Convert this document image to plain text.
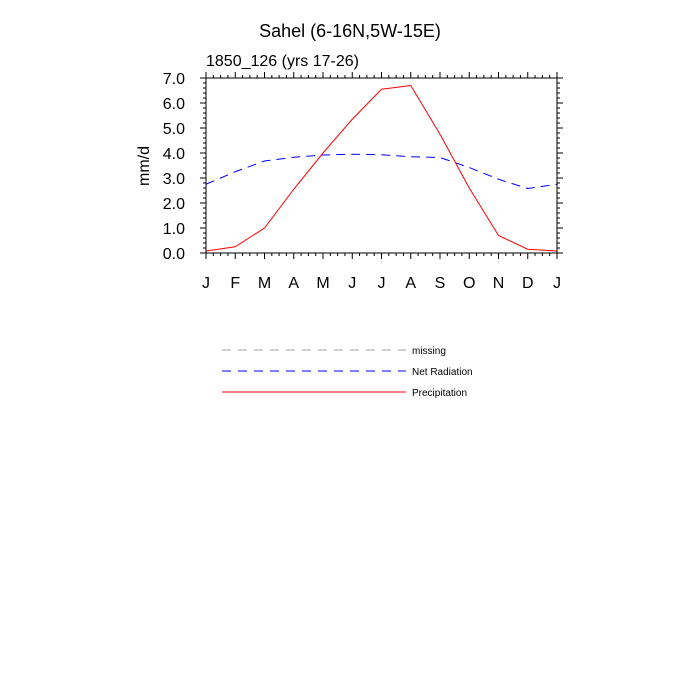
Sahel (6-16N,5W-15E)
1850_126 (yrs 17-26)
mm/d
J F M A M J J A S O N D J
0.0
1.0
2.0
3.0
4.0
5.0
6.0
7.0
missing
Net Radiation
Precipitation
